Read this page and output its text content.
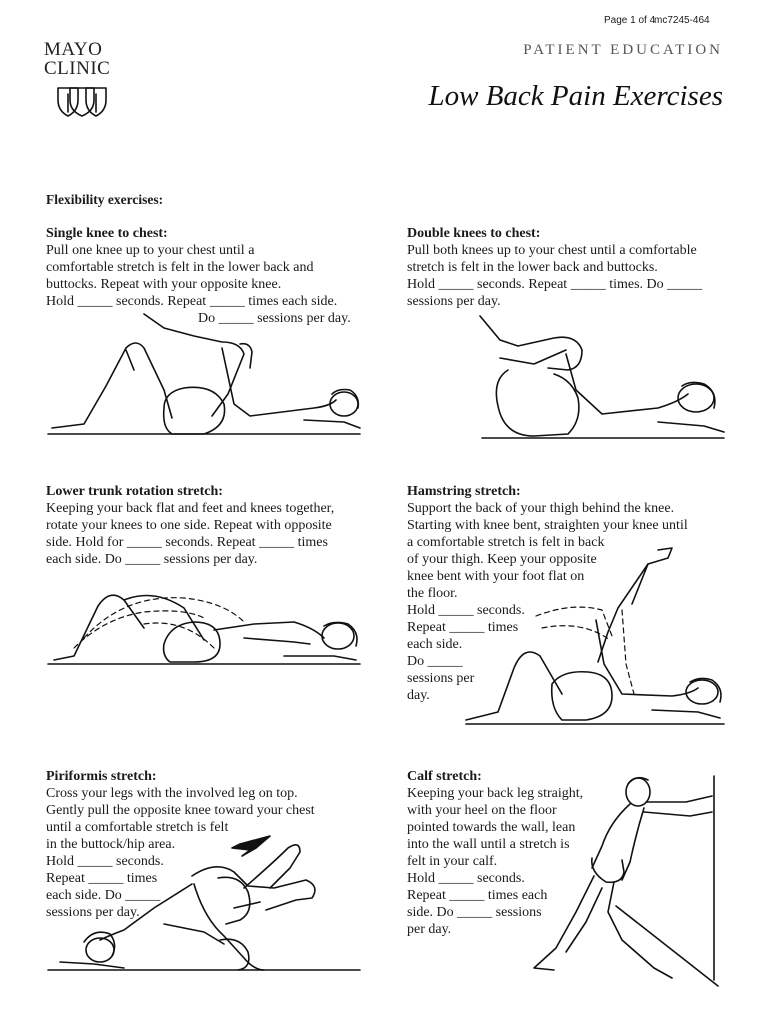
Page 1 of 4
mc7245-464
MAYO
CLINIC
PATIENT EDUCATION
Low Back Pain Exercises
Flexibility exercises:
Single knee to chest:
Pull one knee up to your chest until a
comfortable stretch is felt in the lower back and
buttocks. Repeat with your opposite knee.
Hold _____ seconds. Repeat _____ times each side.
Do _____ sessions per day.
Double knees to chest:
Pull both knees up to your chest until a comfortable
stretch is felt in the lower back and buttocks.
Hold _____ seconds. Repeat _____ times. Do _____
sessions per day.
Lower trunk rotation stretch:
Keeping your back flat and feet and knees together,
rotate your knees to one side. Repeat with opposite
side. Hold for _____ seconds. Repeat _____ times
each side. Do _____ sessions per day.
Hamstring stretch:
Support the back of your thigh behind the knee.
Starting with knee bent, straighten your knee until
a comfortable stretch is felt in back
of your thigh. Keep your opposite
knee bent with your foot flat on
the floor.
Hold _____ seconds.
Repeat _____ times
each side.
Do _____
sessions per
day.
Piriformis stretch:
Cross your legs with the involved leg on top.
Gently pull the opposite knee toward your chest
until a comfortable stretch is felt
in the buttock/hip area.
Hold _____ seconds.
Repeat _____ times
each side. Do _____
sessions per day.
Calf stretch:
Keeping your back leg straight,
with your heel on the floor
pointed towards the wall, lean
into the wall until a stretch is
felt in your calf.
Hold _____ seconds.
Repeat _____ times each
side. Do _____ sessions
per day.
